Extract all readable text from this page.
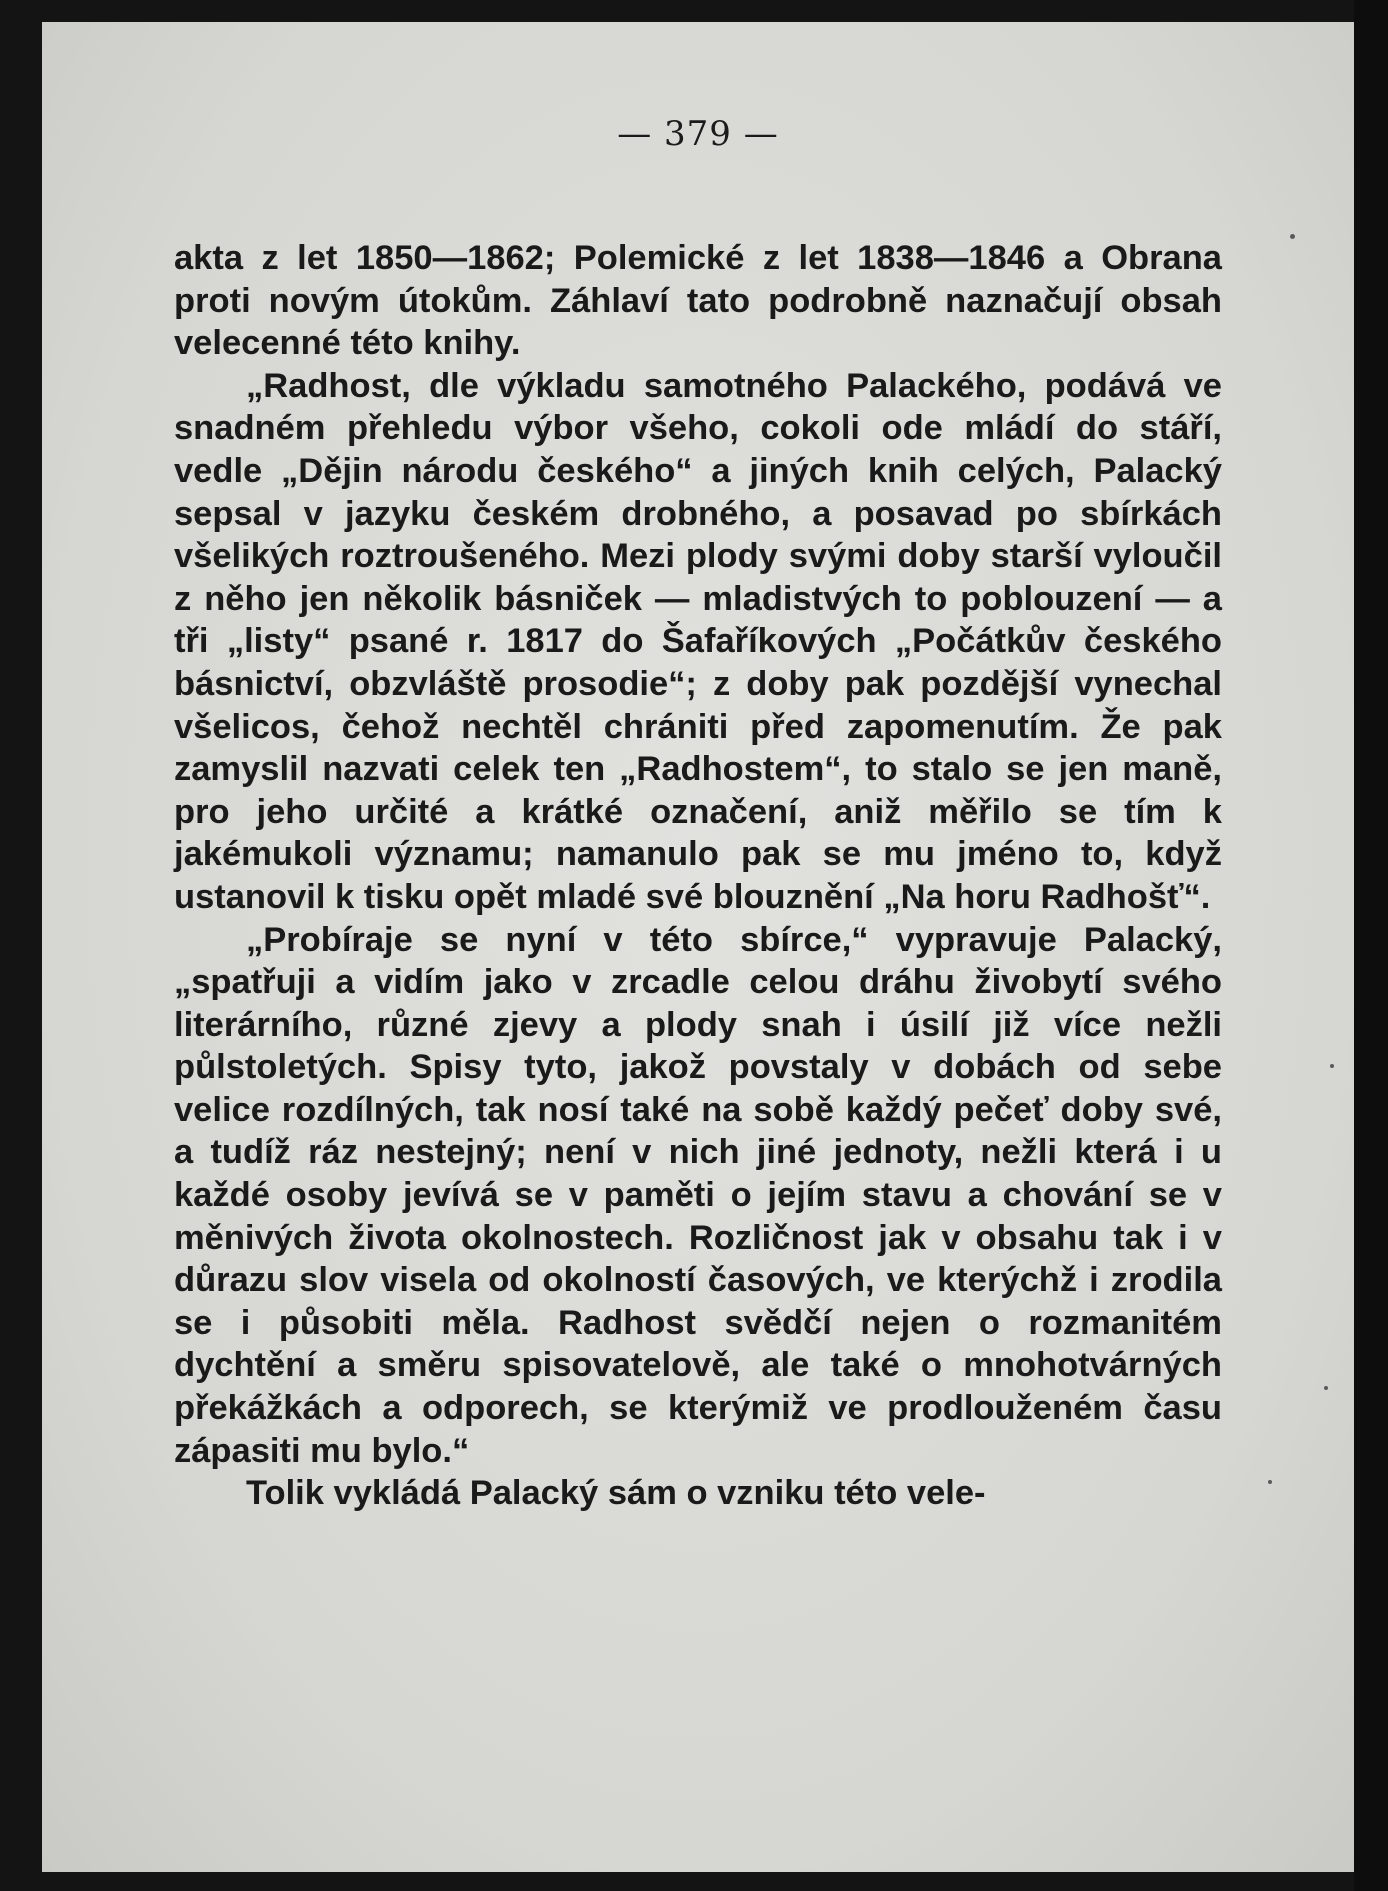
— 379 —

akta z let 1850—1862; Polemické z let 1838—1846 a Obrana proti novým útokům. Záhlaví tato podrobně naznačují obsah velecenné této knihy.

„Radhost, dle výkladu samotného Palackého, podává ve snadném přehledu výbor všeho, cokoli ode mládí do stáří, vedle „Dějin národu českého“ a jiných knih celých, Palacký sepsal v jazyku českém drobného, a posavad po sbírkách všelikých roztroušeného. Mezi plody svými doby starší vyloučil z něho jen několik básniček — mladistvých to poblouzení — a tři „listy“ psané r. 1817 do Šafaříkových „Počátkův českého básnictví, obzvláště prosodie“; z doby pak pozdější vynechal všelicos, čehož nechtěl chrániti před zapomenutím. Že pak zamyslil nazvati celek ten „Radhostem“, to stalo se jen maně, pro jeho určité a krátké označení, aniž měřilo se tím k jakémukoli významu; namanulo pak se mu jméno to, když ustanovil k tisku opět mladé své blouznění „Na horu Radhošť“.

„Probíraje se nyní v této sbírce,“ vypravuje Palacký, „spatřuji a vidím jako v zrcadle celou dráhu živobytí svého literárního, různé zjevy a plody snah i úsilí již více nežli půlstoletých. Spisy tyto, jakož povstaly v dobách od sebe velice rozdílných, tak nosí také na sobě každý pečeť doby své, a tudíž ráz nestejný; není v nich jiné jednoty, nežli která i u každé osoby jevívá se v paměti o jejím stavu a chování se v měnivých života okolnostech. Rozličnost jak v obsahu tak i v důrazu slov visela od okolností časových, ve kterýchž i zrodila se i působiti měla. Radhost svědčí nejen o rozmanitém dychtění a směru spisovatelově, ale také o mnohotvárných překážkách a odporech, se kterýmiž ve prodlouženém času zápasiti mu bylo.“

Tolik vykládá Palacký sám o vzniku této vele-
